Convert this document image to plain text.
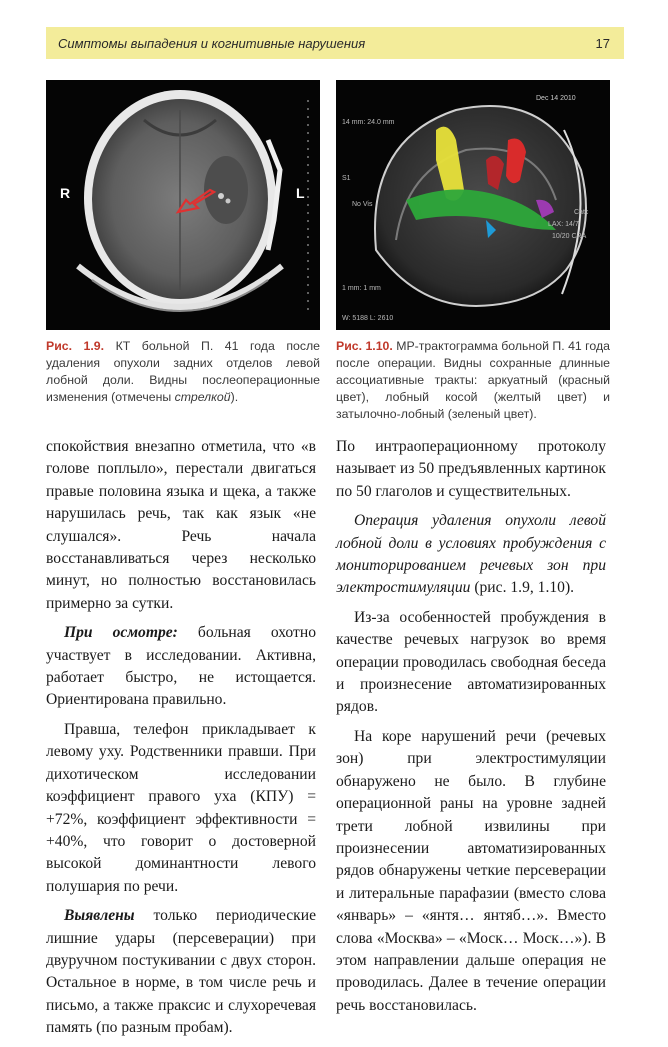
Симптомы выпадения и когнитивные нарушения	17
R	L
Dec 14 2010
14 mm: 24.0 mm
No Vis
S1
Catc
LAX: 14/7
10/20 CRA
1 mm: 1 mm
W: 5188 L: 2610
Рис. 1.9. КТ больной П. 41 года после удаления опухоли задних отделов левой лобной доли. Видны послеоперационные изменения (отмечены стрелкой).
Рис. 1.10. МР-трактограмма больной П. 41 года после операции. Видны сохранные длинные ассоциативные тракты: аркуатный (красный цвет), лобный косой (желтый цвет) и затылочно-лобный (зеленый цвет).

спокойствия внезапно отметила, что «в голове поплыло», перестали двигаться правые половина языка и щека, а также нарушилась речь, так как язык «не слушался». Речь начала восстанавливаться через несколько минут, но полностью восстановилась примерно за сутки.

При осмотре: больная охотно участвует в исследовании. Активна, работает быстро, не истощается. Ориентирована правильно.

Правша, телефон прикладывает к левому уху. Родственники правши. При дихотическом исследовании коэффициент правого уха (КПУ) = +72%, коэффициент эффективности = +40%, что говорит о достоверной высокой доминантности левого полушария по речи.

Выявлены только периодические лишние удары (персеверации) при двуручном постукивании с двух сторон. Остальное в норме, в том числе речь и письмо, а также праксис и слухоречевая память (по разным пробам).

По интраоперационному протоколу называет из 50 предъявленных картинок по 50 глаголов и существительных.

Операция удаления опухоли левой лобной доли в условиях пробуждения с мониторированием речевых зон при электростимуляции (рис. 1.9, 1.10).

Из-за особенностей пробуждения в качестве речевых нагрузок во время операции проводилась свободная беседа и произнесение автоматизированных рядов.

На коре нарушений речи (речевых зон) при электростимуляции обнаружено не было. В глубине операционной раны на уровне задней трети лобной извилины при произнесении автоматизированных рядов обнаружены четкие персеверации и литеральные парафазии (вместо слова «январь» – «янтя… янтяб…». Вместо слова «Москва» – «Моск… Моск…»). В этом направлении дальше операция не проводилась. Далее в течение операции речь восстановилась.
